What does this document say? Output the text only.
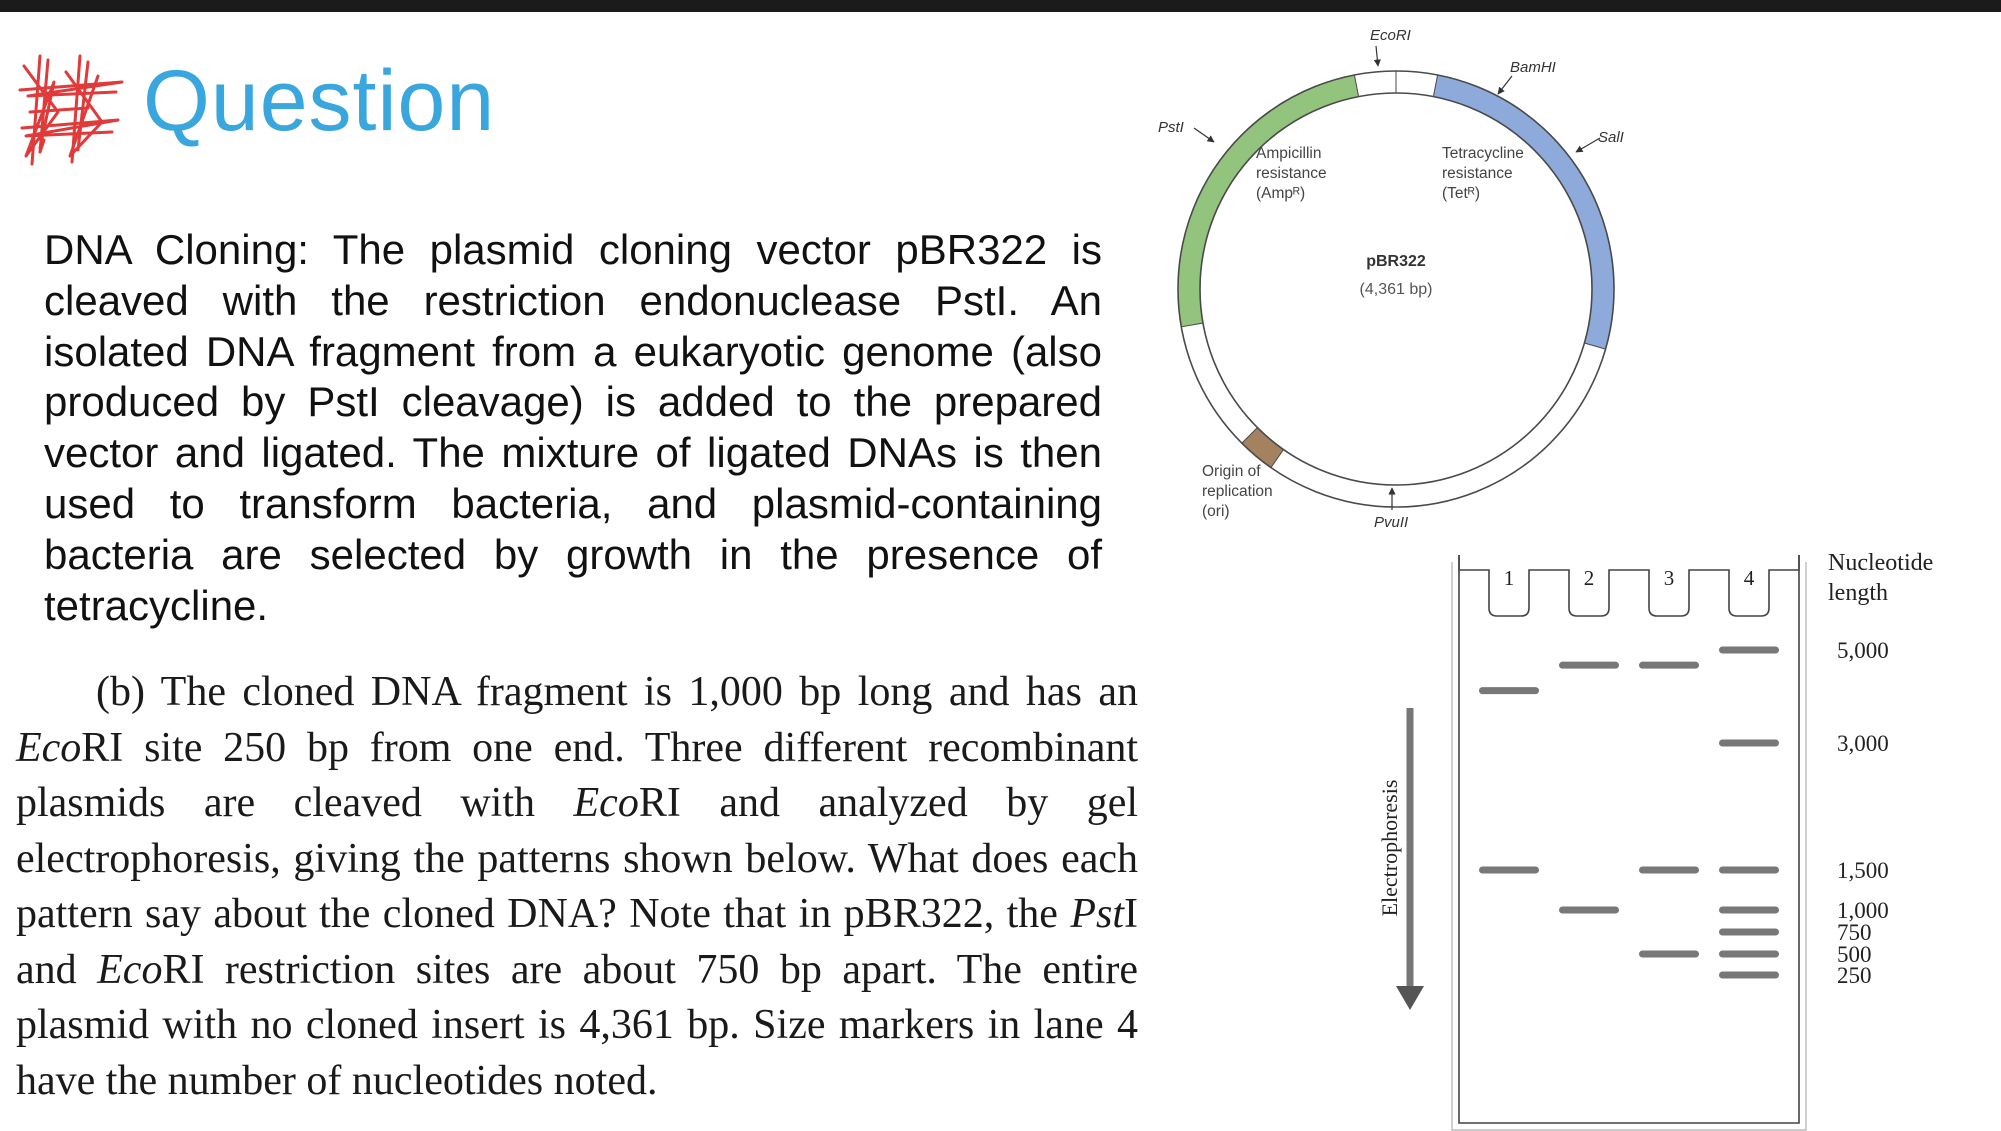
Question
DNA Cloning: The plasmid cloning vector pBR322 is cleaved with the restriction endonuclease PstI. An isolated DNA fragment from a eukaryotic genome (also produced by PstI cleavage) is added to the prepared vector and ligated. The mixture of ligated DNAs is then used to transform bacteria, and plasmid-containing bacteria are selected by growth in the presence of tetracycline.
(b) The cloned DNA fragment is 1,000 bp long and has an EcoRI site 250 bp from one end. Three different recombinant plasmids are cleaved with EcoRI and analyzed by gel electrophoresis, giving the patterns shown below. What does each pattern say about the cloned DNA? Note that in pBR322, the PstI and EcoRI restriction sites are about 750 bp apart. The entire plasmid with no cloned insert is 4,361 bp. Size markers in lane 4 have the number of nucleotides noted.
EcoRI
BamHI
SalI
PstI
PvuII
Ampicillin
resistance
(Ampᴿ)
Tetracycline
resistance
(Tetᴿ)
Origin of
replication
(ori)
pBR322
(4,361 bp)
1	2	3	4
Nucleotide
length
Electrophoresis
5,000
3,000
1,500
1,000
750
500
250
